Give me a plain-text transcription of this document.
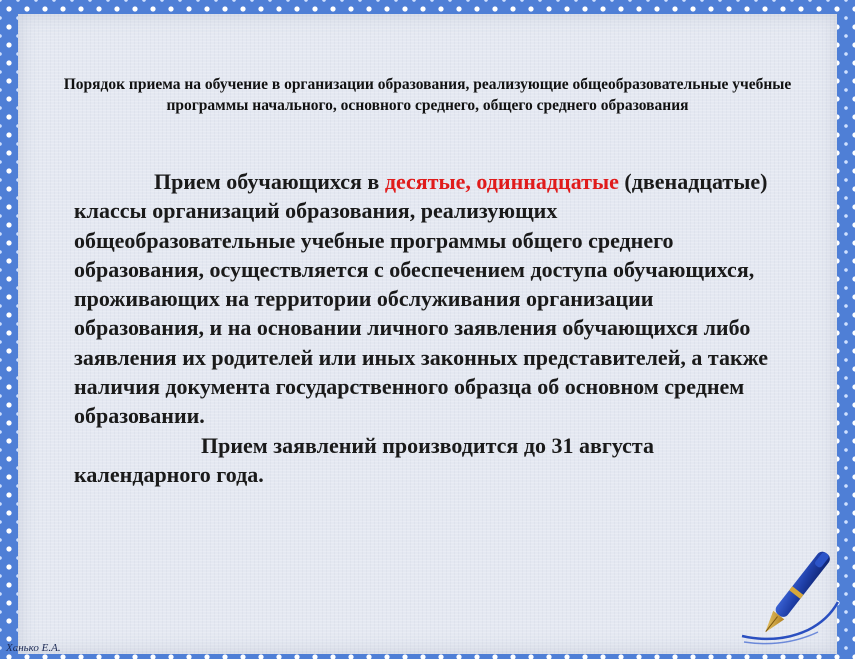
Порядок приема на обучение в организации образования, реализующие общеобразовательные учебные программы начального, основного среднего, общего среднего образования

Прием обучающихся в десятые, одиннадцатые (двенадцатые) классы организаций образования, реализующих общеобразовательные учебные программы общего среднего образования, осуществляется с обеспечением доступа обучающихся, проживающих на территории обслуживания организации образования, и на основании личного заявления обучающихся либо заявления их родителей или иных законных представителей, а также наличия документа государственного образца об основном среднем образовании.

Прием заявлений производится до 31 августа календарного года.

Ханько Е.А.
